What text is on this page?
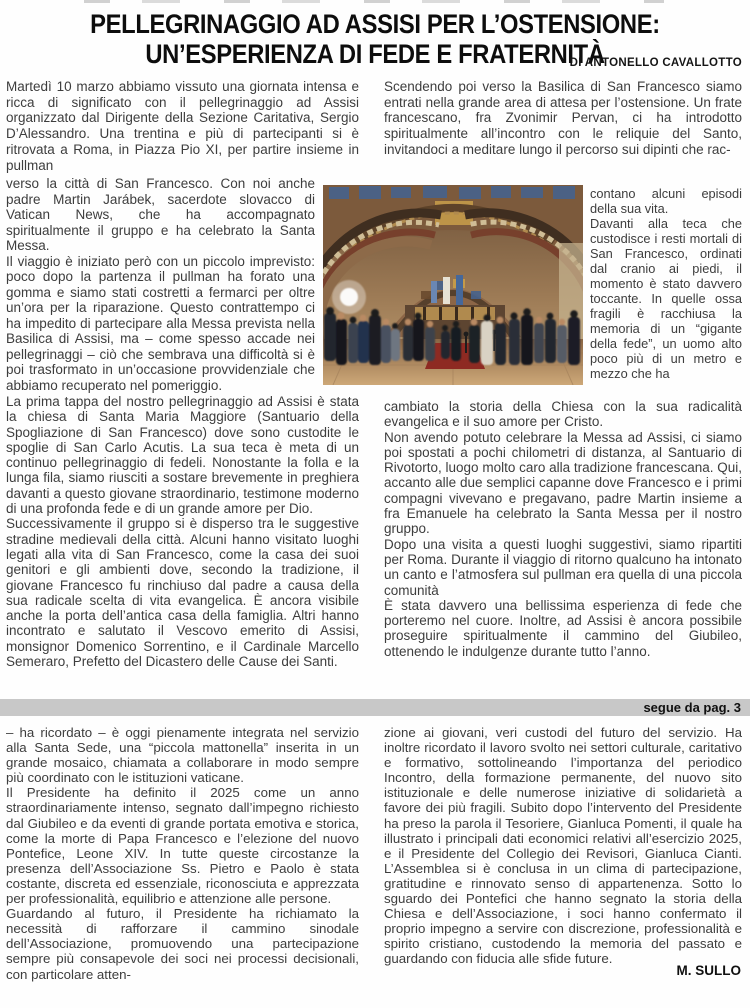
PELLEGRINAGGIO AD ASSISI PER L’OSTENSIONE:
UN’ESPERIENZA DI FEDE E FRATERNITÀ
DI ANTONELLO CAVALLOTTO

Martedì 10 marzo abbiamo vissuto una giornata intensa e ricca di significato con il pellegrinaggio ad Assisi organizzato dal Dirigente della Sezione Caritativa, Sergio D’Alessandro. Una trentina e più di partecipanti si è ritrovata a Roma, in Piazza Pio XI, per partire insieme in pullman

verso la città di San Francesco. Con noi anche padre Martin Jarábek, sacerdote slovacco di Vatican News, che ha accompagnato spiritualmente il gruppo e ha celebrato la Santa Messa.

Il viaggio è iniziato però con un piccolo imprevisto: poco dopo la partenza il pullman ha forato una gomma e siamo stati costretti a fermarci per oltre un’ora per la riparazione. Questo contrattempo ci ha impedito di partecipare alla Messa prevista nella Basilica di Assisi, ma – come spesso accade nei pellegrinaggi – ciò che sembrava una difficoltà si è poi trasformato in un’occasione provvidenziale che abbiamo recuperato nel pomeriggio.

La prima tappa del nostro pellegrinaggio ad Assisi è stata la chiesa di Santa Maria Maggiore (Santuario della Spogliazione di San Francesco) dove sono custodite le spoglie di San Carlo Acutis. La sua teca è meta di un continuo pellegrinaggio di fedeli. Nonostante la folla e la lunga fila, siamo riusciti a sostare brevemente in preghiera davanti a questo giovane straordinario, testimone moderno di una profonda fede e di un grande amore per Dio.

Successivamente il gruppo si è disperso tra le suggestive stradine medievali della città. Alcuni hanno visitato luoghi legati alla vita di San Francesco, come la casa dei suoi genitori e gli ambienti dove, secondo la tradizione, il giovane Francesco fu rinchiuso dal padre a causa della sua radicale scelta di vita evangelica. È ancora visibile anche la porta dell’antica casa della famiglia. Altri hanno incontrato e salutato il Vescovo emerito di Assisi, monsignor Domenico Sorrentino, e il Cardinale Marcello Semeraro, Prefetto del Dicastero delle Cause dei Santi.

Scendendo poi verso la Basilica di San Francesco siamo entrati nella grande area di attesa per l’ostensione. Un frate francescano, fra Zvonimir Pervan, ci ha introdotto spiritualmente all’incontro con le reliquie del Santo, invitandoci a meditare lungo il percorso sui dipinti che rac-

contano alcuni episodi della sua vita.

Davanti alla teca che custodisce i resti mortali di San Francesco, ordinati dal cranio ai piedi, il momento è stato davvero toccante. In quelle ossa fragili è racchiusa la memoria di un “gigante della fede”, un uomo alto poco più di un metro e mezzo che ha

cambiato la storia della Chiesa con la sua radicalità evangelica e il suo amore per Cristo.

Non avendo potuto celebrare la Messa ad Assisi, ci siamo poi spostati a pochi chilometri di distanza, al Santuario di Rivotorto, luogo molto caro alla tradizione francescana. Qui, accanto alle due semplici capanne dove Francesco e i primi compagni vivevano e pregavano, padre Martin insieme a fra Emanuele ha celebrato la Santa Messa per il nostro gruppo.

Dopo una visita a questi luoghi suggestivi, siamo ripartiti per Roma. Durante il viaggio di ritorno qualcuno ha intonato un canto e l’atmosfera sul pullman era quella di una piccola comunità

È stata davvero una bellissima esperienza di fede che porteremo nel cuore. Inoltre, ad Assisi è ancora possibile proseguire spiritualmente il cammino del Giubileo, ottenendo le indulgenze durante tutto l’anno.

segue da pag. 3

– ha ricordato – è oggi pienamente integrata nel servizio alla Santa Sede, una “piccola mattonella” inserita in un grande mosaico, chiamata a collaborare in modo sempre più coordinato con le istituzioni vaticane.

Il Presidente ha definito il 2025 come un anno straordinariamente intenso, segnato dall’impegno richiesto dal Giubileo e da eventi di grande portata emotiva e storica, come la morte di Papa Francesco e l’elezione del nuovo Pontefice, Leone XIV. In tutte queste circostanze la presenza dell’Associazione Ss. Pietro e Paolo è stata costante, discreta ed essenziale, riconosciuta e apprezzata per professionalità, equilibrio e attenzione alle persone.

Guardando al futuro, il Presidente ha richiamato la necessità di rafforzare il cammino sinodale dell’Associazione, promuovendo una partecipazione sempre più consapevole dei soci nei processi decisionali, con particolare atten-

zione ai giovani, veri custodi del futuro del servizio. Ha inoltre ricordato il lavoro svolto nei settori culturale, caritativo e formativo, sottolineando l’importanza del periodico Incontro, della formazione permanente, del nuovo sito istituzionale e delle numerose iniziative di solidarietà a favore dei più fragili. Subito dopo l’intervento del Presidente ha preso la parola il Tesoriere, Gianluca Pomenti, il quale ha illustrato i principali dati economici relativi all’esercizio 2025, e il Presidente del Collegio dei Revisori, Gianluca Cianti. L’Assemblea si è conclusa in un clima di partecipazione, gratitudine e rinnovato senso di appartenenza. Sotto lo sguardo dei Pontefici che hanno segnato la storia della Chiesa e dell’Associazione, i soci hanno confermato il proprio impegno a servire con discrezione, professionalità e spirito cristiano, custodendo la memoria del passato e guardando con fiducia alle sfide future.

M. SULLO
